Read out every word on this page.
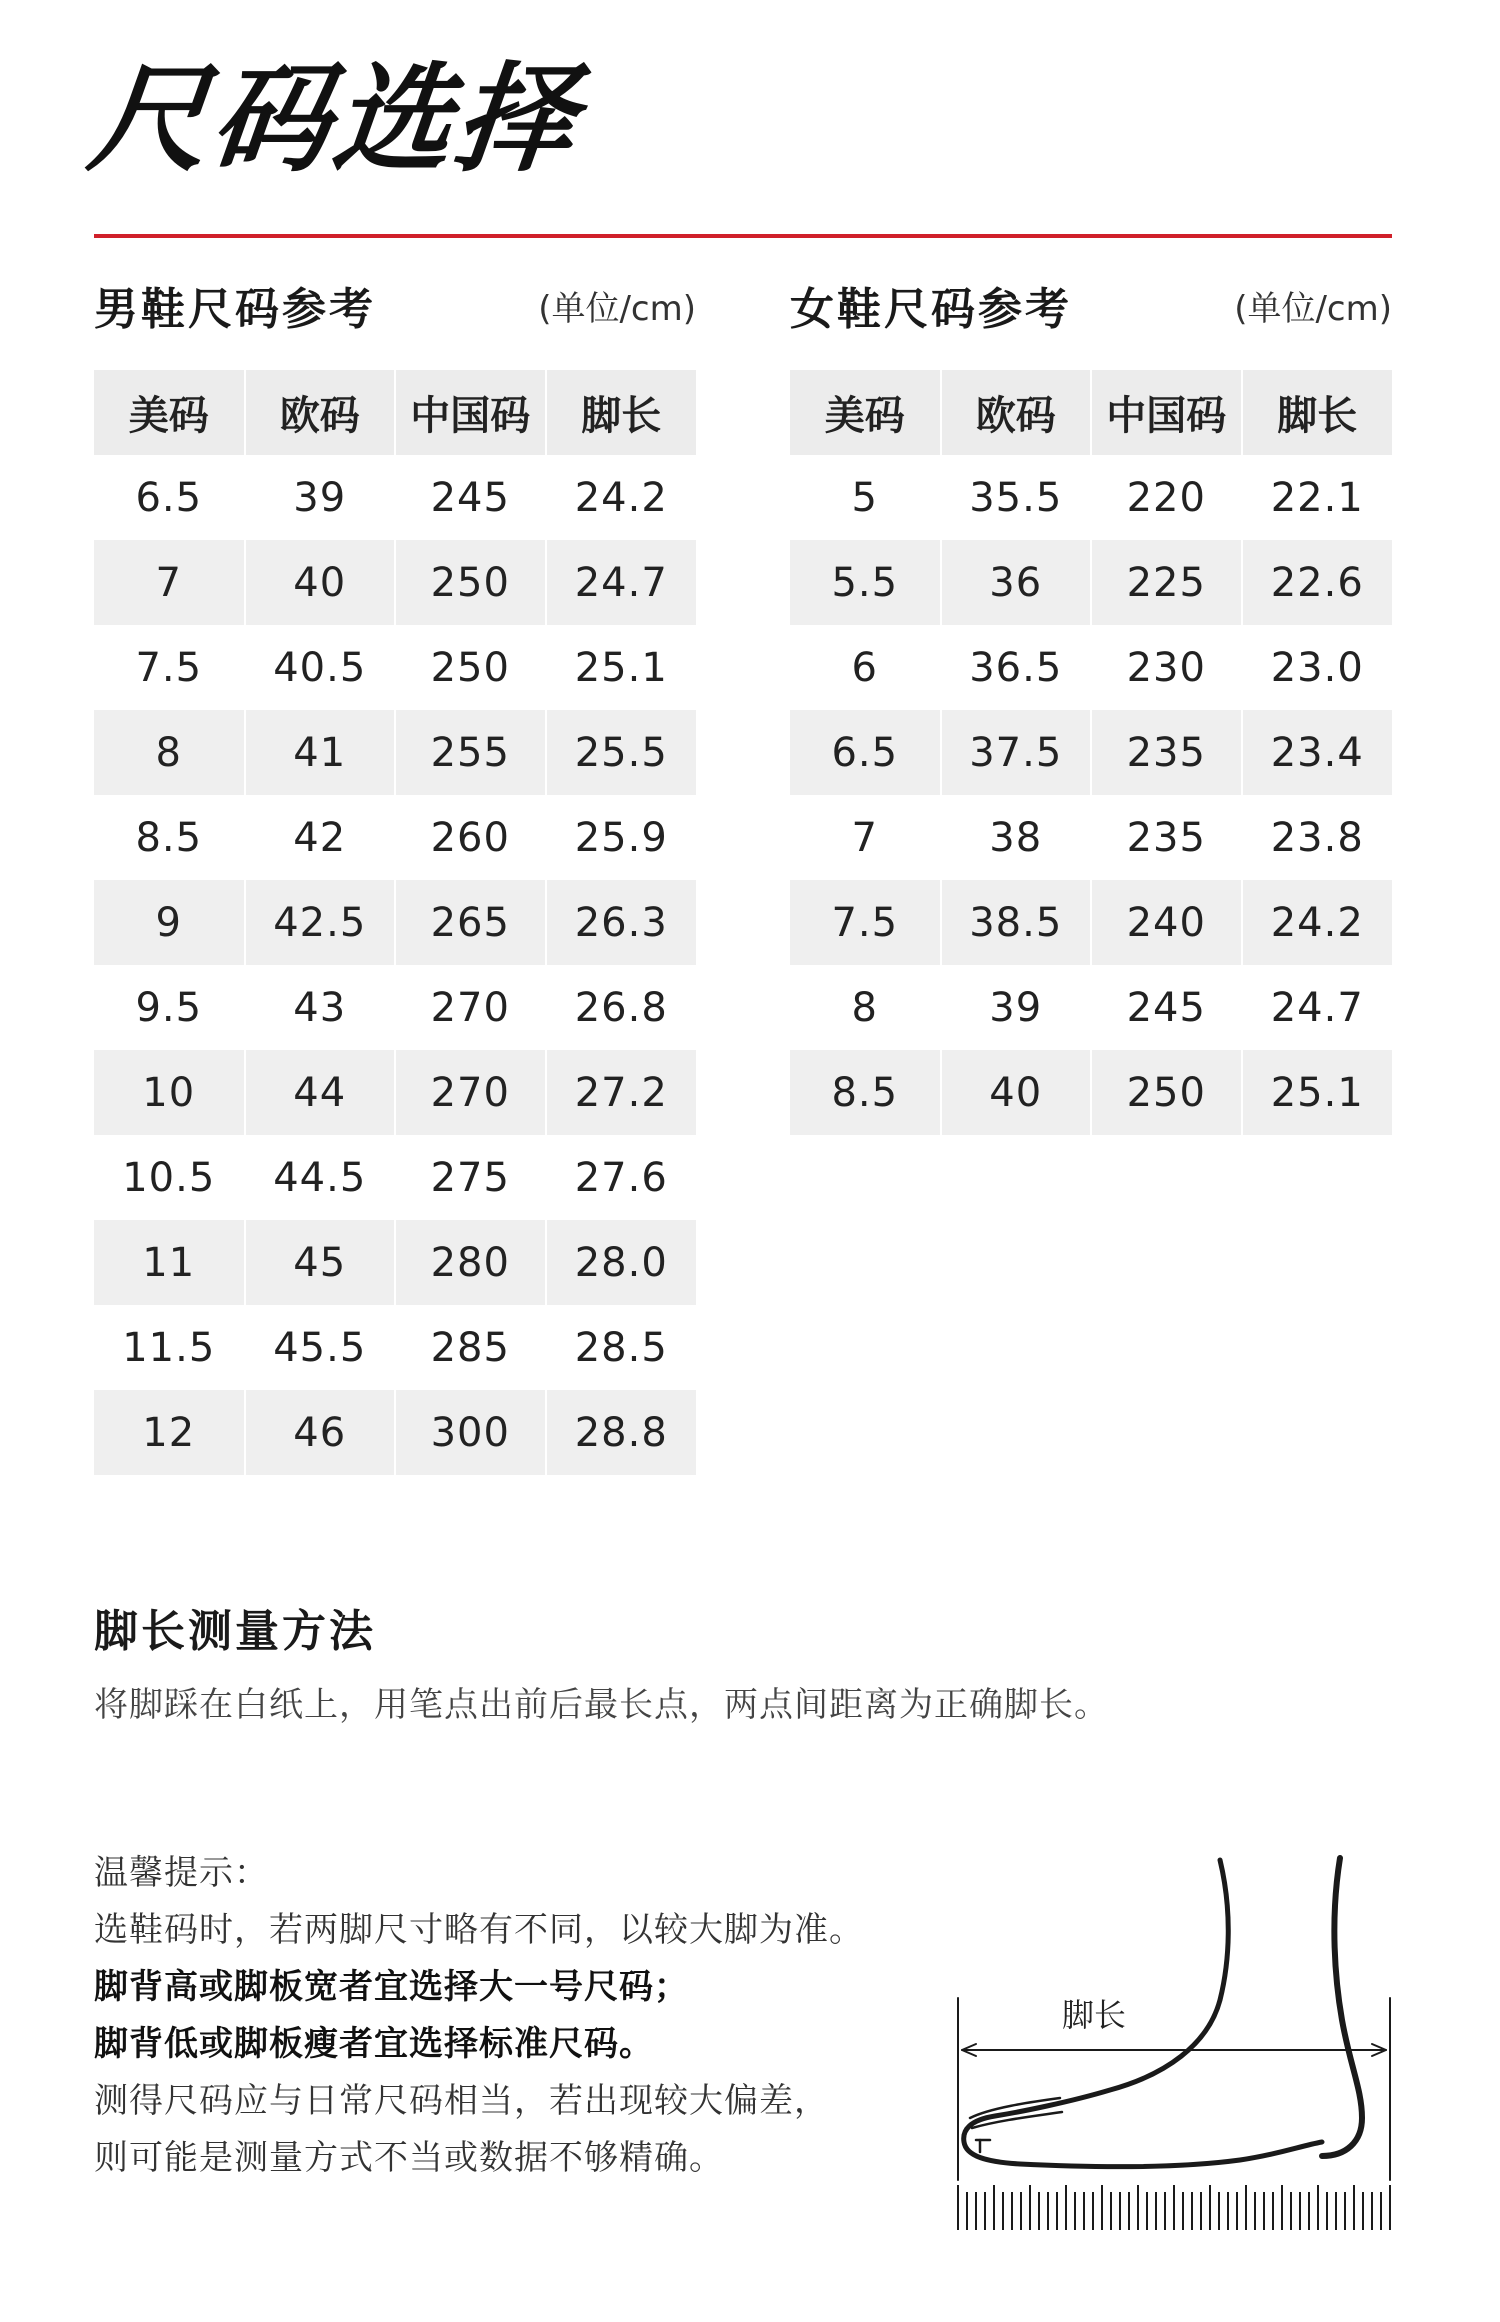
尺码选择
男鞋尺码参考	(单位/cm)
美码	欧码	中国码	脚长
6.5	39	245	24.2
7	40	250	24.7
7.5	40.5	250	25.1
8	41	255	25.5
8.5	42	260	25.9
9	42.5	265	26.3
9.5	43	270	26.8
10	44	270	27.2
10.5	44.5	275	27.6
11	45	280	28.0
11.5	45.5	285	28.5
12	46	300	28.8
女鞋尺码参考	(单位/cm)
美码	欧码	中国码	脚长
5	35.5	220	22.1
5.5	36	225	22.6
6	36.5	230	23.0
6.5	37.5	235	23.4
7	38	235	23.8
7.5	38.5	240	24.2
8	39	245	24.7
8.5	40	250	25.1
脚长测量方法
将脚踩在白纸上，用笔点出前后最长点，两点间距离为正确脚长。
温馨提示：
选鞋码时，若两脚尺寸略有不同，以较大脚为准。
脚背高或脚板宽者宜选择大一号尺码；
脚背低或脚板瘦者宜选择标准尺码。
测得尺码应与日常尺码相当，若出现较大偏差，
则可能是测量方式不当或数据不够精确。
脚长
